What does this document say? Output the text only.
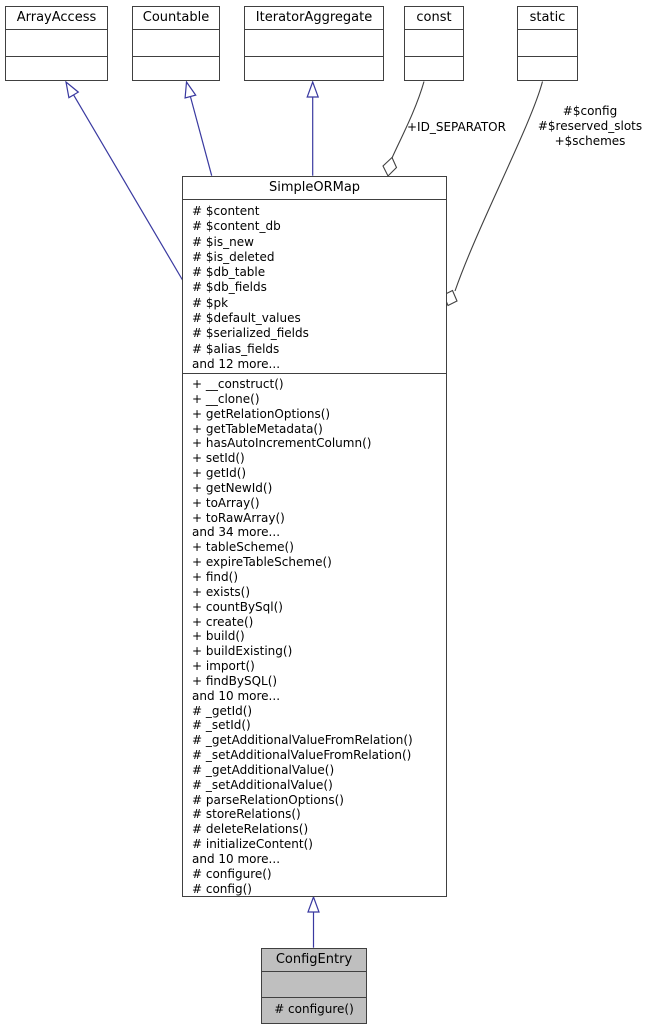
ArrayAccess	Countable	IteratorAggregate	const	static
+ID_SEPARATOR
#$config
#$reserved_slots
+$schemes
SimpleORMap
# $content
# $content_db
# $is_new
# $is_deleted
# $db_table
# $db_fields
# $pk
# $default_values
# $serialized_fields
# $alias_fields
and 12 more...
+ __construct()
+ __clone()
+ getRelationOptions()
+ getTableMetadata()
+ hasAutoIncrementColumn()
+ setId()
+ getId()
+ getNewId()
+ toArray()
+ toRawArray()
and 34 more...
+ tableScheme()
+ expireTableScheme()
+ find()
+ exists()
+ countBySql()
+ create()
+ build()
+ buildExisting()
+ import()
+ findBySQL()
and 10 more...
# _getId()
# _setId()
# _getAdditionalValueFromRelation()
# _setAdditionalValueFromRelation()
# _getAdditionalValue()
# _setAdditionalValue()
# parseRelationOptions()
# storeRelations()
# deleteRelations()
# initializeContent()
and 10 more...
# configure()
# config()
ConfigEntry
# configure()
